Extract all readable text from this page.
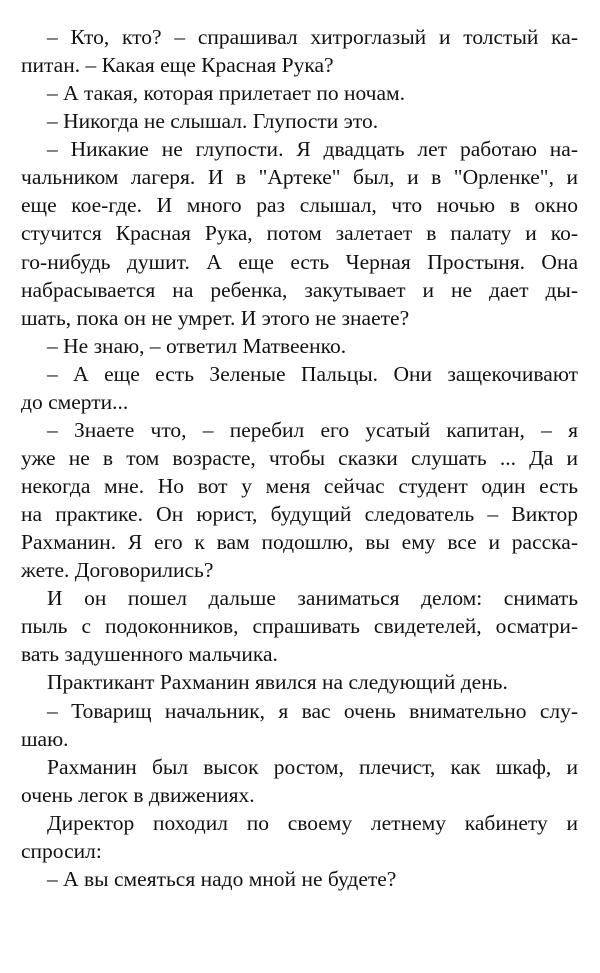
– Кто, кто? – спрашивал хитроглазый и толстый ка-
питан. – Какая еще Красная Рука?
– А такая, которая прилетает по ночам.
– Никогда не слышал. Глупости это.
– Никакие не глупости. Я двадцать лет работаю на-
чальником лагеря. И в "Артеке" был, и в "Орленке", и
еще кое-где. И много раз слышал, что ночью в окно
стучится Красная Рука, потом залетает в палату и ко-
го-нибудь душит. А еще есть Черная Простыня. Она
набрасывается на ребенка, закутывает и не дает ды-
шать, пока он не умрет. И этого не знаете?
– Не знаю, – ответил Матвеенко.
– А еще есть Зеленые Пальцы. Они защекочивают
до смерти...
– Знаете что, – перебил его усатый капитан, – я
уже не в том возрасте, чтобы сказки слушать ... Да и
некогда мне. Но вот у меня сейчас студент один есть
на практике. Он юрист, будущий следователь – Виктор
Рахманин. Я его к вам подошлю, вы ему все и расска-
жете. Договорились?
И он пошел дальше заниматься делом: снимать
пыль с подоконников, спрашивать свидетелей, осматри-
вать задушенного мальчика.
Практикант Рахманин явился на следующий день.
– Товарищ начальник, я вас очень внимательно слу-
шаю.
Рахманин был высок ростом, плечист, как шкаф, и
очень легок в движениях.
Директор походил по своему летнему кабинету и
спросил:
– А вы смеяться надо мной не будете?
